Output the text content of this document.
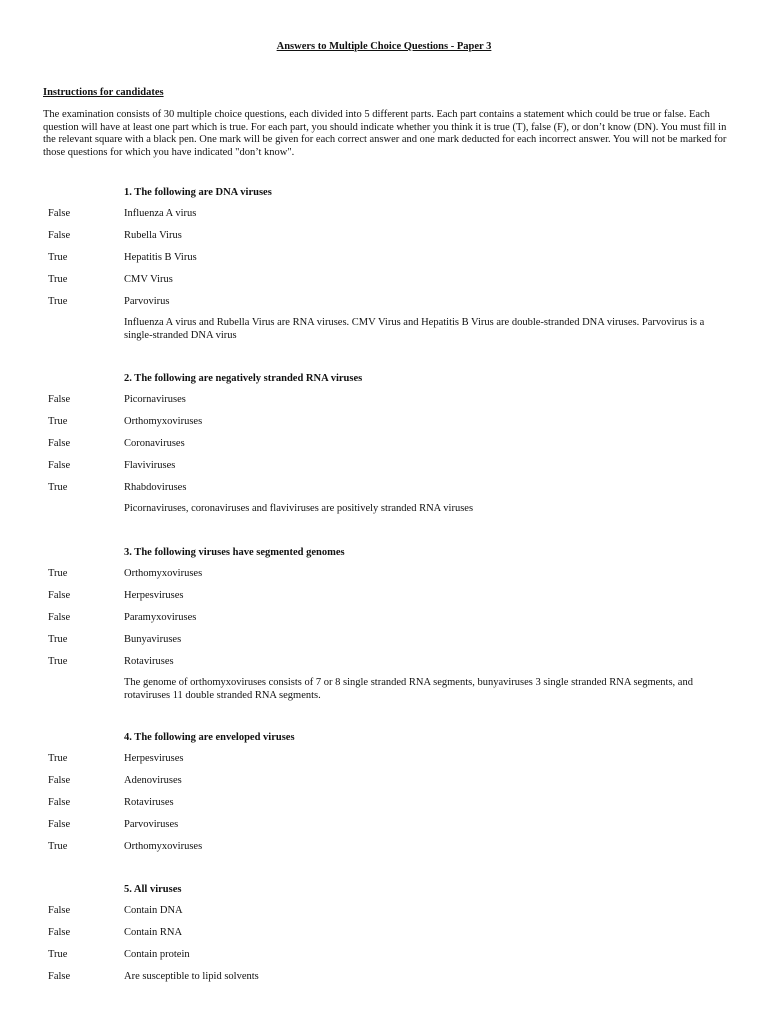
Answers to Multiple Choice Questions - Paper 3
Instructions for candidates
The examination consists of 30 multiple choice questions, each divided into 5 different parts. Each part contains a statement which could be true or false. Each question will have at least one part which is true. For each part, you should indicate whether you think it is true (T), false (F), or don’t know (DN). You must fill in the relevant square with a black pen. One mark will be given for each correct answer and one mark deducted for each incorrect answer. You will not be marked for those questions for which you have indicated "don’t know".
1. The following are DNA viruses
False	Influenza A virus
False	Rubella Virus
True	Hepatitis B Virus
True	CMV Virus
True	Parvovirus
Influenza A virus and Rubella Virus are RNA viruses. CMV Virus and Hepatitis B Virus are double-stranded DNA viruses. Parvovirus is a single-stranded DNA virus
2. The following are negatively stranded RNA viruses
False	Picornaviruses
True	Orthomyxoviruses
False	Coronaviruses
False	Flaviviruses
True	Rhabdoviruses
Picornaviruses, coronaviruses and flaviviruses are positively stranded RNA viruses
3. The following viruses have segmented genomes
True	Orthomyxoviruses
False	Herpesviruses
False	Paramyxoviruses
True	Bunyaviruses
True	Rotaviruses
The genome of orthomyxoviruses consists of 7 or 8 single stranded RNA segments, bunyaviruses 3 single stranded RNA segments, and rotaviruses 11 double stranded RNA segments.
4. The following are enveloped viruses
True	Herpesviruses
False	Adenoviruses
False	Rotaviruses
False	Parvoviruses
True	Orthomyxoviruses
5. All viruses
False	Contain DNA
False	Contain RNA
True	Contain protein
False	Are susceptible to lipid solvents
